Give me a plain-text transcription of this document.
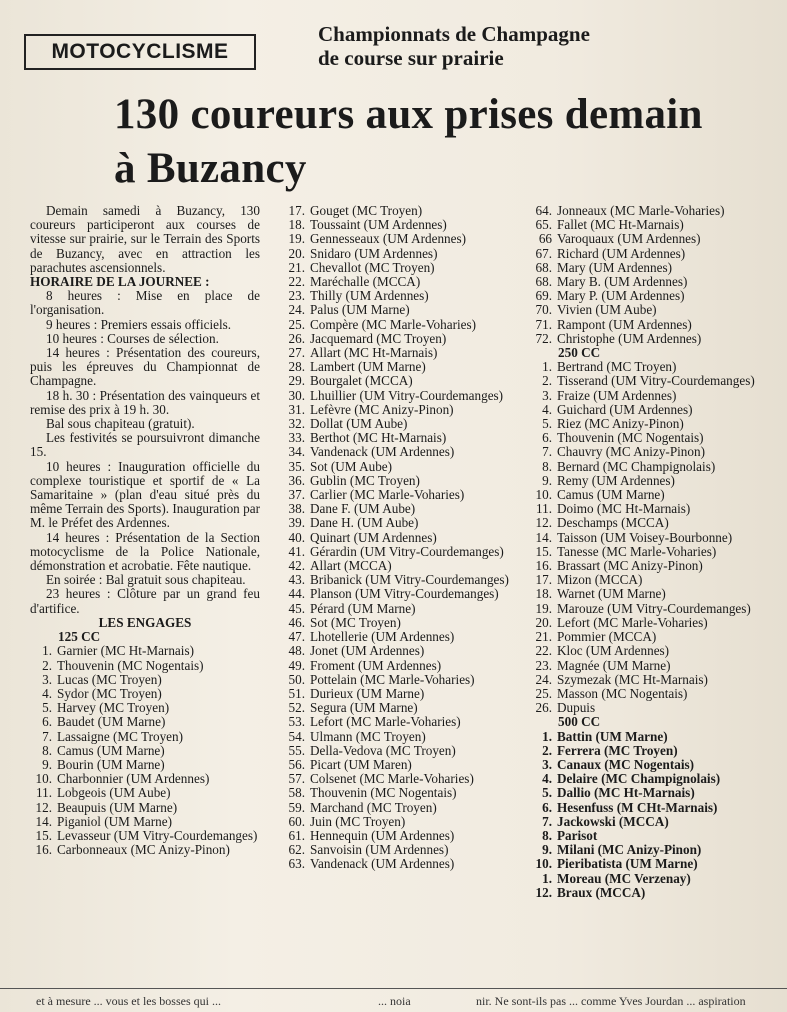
MOTOCYCLISME
Championnats de Champagne
de course sur prairie
130 coureurs aux prises demain
à Buzancy

Demain samedi à Buzancy, 130 coureurs participeront aux courses de vitesse sur prairie, sur le Terrain des Sports de Buzancy, avec en attraction les parachutes ascensionnels.

HORAIRE DE LA JOURNEE :

8 heures : Mise en place de l'organisation.

9 heures : Premiers essais officiels.

10 heures : Courses de sélection.

14 heures : Présentation des coureurs, puis les épreuves du Championnat de Champagne.

18 h. 30 : Présentation des vainqueurs et remise des prix à 19 h. 30.

Bal sous chapiteau (gratuit).

Les festivités se poursuivront dimanche 15.

10 heures : Inauguration officielle du complexe touristique et sportif de « La Samaritaine » (plan d'eau situé près du même Terrain des Sports). Inauguration par M. le Préfet des Ardennes.

14 heures : Présentation de la Section motocyclisme de la Police Nationale, démonstration et acrobatie. Fête nautique.

En soirée : Bal gratuit sous chapiteau.

23 heures : Clôture par un grand feu d'artifice.

LES ENGAGES

125 CC
1. Garnier (MC Ht-Marnais)
2. Thouvenin (MC Nogentais)
3. Lucas (MC Troyen)
4. Sydor (MC Troyen)
5. Harvey (MC Troyen)
6. Baudet (UM Marne)
7. Lassaigne (MC Troyen)
8. Camus (UM Marne)
9. Bourin (UM Marne)
10. Charbonnier (UM Ardennes)
11. Lobgeois (UM Aube)
12. Beaupuis (UM Marne)
14. Piganiol (UM Marne)
15. Levasseur (UM Vitry-Courdemanges)
16. Carbonneaux (MC Anizy-Pinon)
17. Gouget (MC Troyen)
18. Toussaint (UM Ardennes)
19. Gennesseaux (UM Ardennes)
20. Snidaro (UM Ardennes)
21. Chevallot (MC Troyen)
22. Maréchalle (MCCA)
23. Thilly (UM Ardennes)
24. Palus (UM Marne)
25. Compère (MC Marle-Voharies)
26. Jacquemard (MC Troyen)
27. Allart (MC Ht-Marnais)
28. Lambert (UM Marne)
29. Bourgalet (MCCA)
30. Lhuillier (UM Vitry-Courdemanges)
31. Lefèvre (MC Anizy-Pinon)
32. Dollat (UM Aube)
33. Berthot (MC Ht-Marnais)
34. Vandenack (UM Ardennes)
35. Sot (UM Aube)
36. Gublin (MC Troyen)
37. Carlier (MC Marle-Voharies)
38. Dane F. (UM Aube)
39. Dane H. (UM Aube)
40. Quinart (UM Ardennes)
41. Gérardin (UM Vitry-Courdemanges)
42. Allart (MCCA)
43. Bribanick (UM Vitry-Courdemanges)
44. Planson (UM Vitry-Courdemanges)
45. Pérard (UM Marne)
46. Sot (MC Troyen)
47. Lhotellerie (UM Ardennes)
48. Jonet (UM Ardennes)
49. Froment (UM Ardennes)
50. Pottelain (MC Marle-Voharies)
51. Durieux (UM Marne)
52. Segura (UM Marne)
53. Lefort (MC Marle-Voharies)
54. Ulmann (MC Troyen)
55. Della-Vedova (MC Troyen)
56. Picart (UM Maren)
57. Colsenet (MC Marle-Voharies)
58. Thouvenin (MC Nogentais)
59. Marchand (MC Troyen)
60. Juin (MC Troyen)
61. Hennequin (UM Ardennes)
62. Sanvoisin (UM Ardennes)
63. Vandenack (UM Ardennes)
64. Jonneaux (MC Marle-Voharies)
65. Fallet (MC Ht-Marnais)
66 Varoquaux (UM Ardennes)
67. Richard (UM Ardennes)
68. Mary (UM Ardennes)
68. Mary B. (UM Ardennes)
69. Mary P. (UM Ardennes)
70. Vivien (UM Aube)
71. Rampont (UM Ardennes)
72. Christophe (UM Ardennes)
250 CC
1. Bertrand (MC Troyen)
2. Tisserand (UM Vitry-Courdemanges)
3. Fraize (UM Ardennes)
4. Guichard (UM Ardennes)
5. Riez (MC Anizy-Pinon)
6. Thouvenin (MC Nogentais)
7. Chauvry (MC Anizy-Pinon)
8. Bernard (MC Champignolais)
9. Remy (UM Ardennes)
10. Camus (UM Marne)
11. Doimo (MC Ht-Marnais)
12. Deschamps (MCCA)
14. Taisson (UM Voisey-Bourbonne)
15. Tanesse (MC Marle-Voharies)
16. Brassart (MC Anizy-Pinon)
17. Mizon (MCCA)
18. Warnet (UM Marne)
19. Marouze (UM Vitry-Courdemanges)
20. Lefort (MC Marle-Voharies)
21. Pommier (MCCA)
22. Kloc (UM Ardennes)
23. Magnée (UM Marne)
24. Szymezak (MC Ht-Marnais)
25. Masson (MC Nogentais)
26. Dupuis
500 CC
1. Battin (UM Marne)
2. Ferrera (MC Troyen)
3. Canaux (MC Nogentais)
4. Delaire (MC Champignolais)
5. Dallio (MC Ht-Marnais)
6. Hesenfuss (M CHt-Marnais)
7. Jackowski (MCCA)
8. Parisot
9. Milani (MC Anizy-Pinon)
10. Pieribatista (UM Marne)
1. Moreau (MC Verzenay)
12. Braux (MCCA)
et à mesure ... vous et les bosses qui ...	... noia	nir. Ne sont-ils pas ... comme Yves Jourdan ... aspiration
